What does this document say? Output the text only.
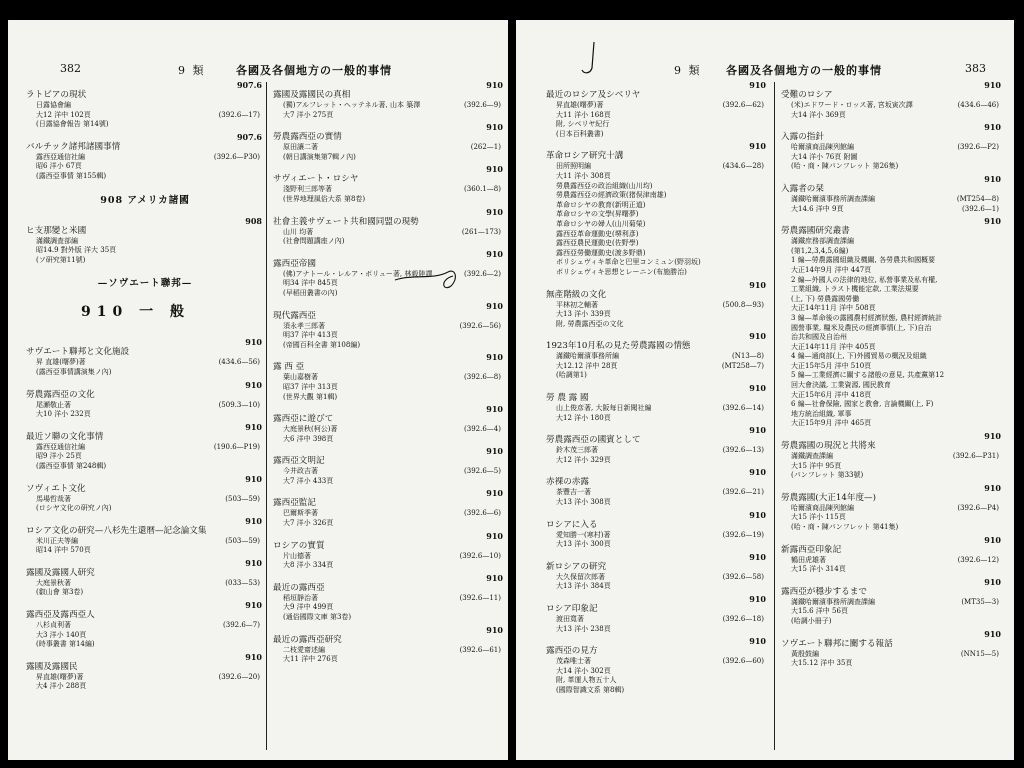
382	9 類	各國及各個地方の一般的事情
907.6
ラトビアの現状
日露協會編
(392.6—17)
大12 洋中 102頁
(日露協會報告 第14號)
907.6
バルチック諸邦諸國事情
(392.6—P30)
露西亞通信社編
昭6 洋小 67頁
(露西亞事情 第155輯)
908 アメリカ諸國
908
ヒ支那變と米國
滿鐵調査部編
昭14.9 對外版 洋大 35頁
(ソ研究第11號)
—ソヴエート聯邦—
910 一 般
910
サヴエート聯邦と文化施設
(434.6—56)
昇 直雄(曙夢)著
(露西亞事情講演集ノ內)
910
勞農露西亞の文化
(509.3—10)
尾瀬敬止著
大10 洋小 232頁
910
最近ソ聯の文化事情
(190.6—P19)
露西亞通信社編
昭9 洋小 25頁
(露西亞事情 第248輯)
910
ソヴィエト文化
(503—59)
馬場哲哉著
(ロシヤ文化の研究ノ內)
910
ロシア文化の研究—八杉先生還暦—記念論文集
(503—59)
米川正夫等編
昭14 洋中 570頁
910
露國及露國人研究
(033—53)
大庭景秋著
(叡山會 第3卷)
910
露西亞及露西亞人
(392.6—7)
八杉貞利著
大3 洋小 140頁
(時事叢書 第14編)
910
露國及露國民
(392.6—20)
昇直雄(曙夢)著
大4 洋小 288頁
910
露國及露國民の真相
(392.6—9)
(獨)アルフレット・ヘッテネル著, 山本 築澤
大7 洋小 275頁
910
勞農露西亞の實情
(262—1)
原田讓二著
(朝日講演集第7輯ノ內)
910
サヴィエート・ロシヤ
(360.1—8)
淺野利三郎等著
(世界地理風俗大系 第8卷)
910
社會主義サヴェート共和國同盟の現勢
(261—173)
山川 均著
(社會問題講座ノ內)
910
露西亞帝國
(392.6—2)
(佛)アナトール・レルア・ボリュー著, 林毅陸譯
明34 洋中 845頁
(早稻田叢書の內)
910
現代露西亞
(392.6—56)
須永孝三郎著
明37 洋中 413頁
(帝國百科全書 第108編)
910
露 西 亞
(392.6—8)
葉山嘉樹著
昭37 洋中 313頁
(世界大觀 第1輯)
910
露西亞に遊びて
(392.6—4)
大庭景秋(柯公)著
大6 洋中 398頁
910
露西亞文明記
(392.6—5)
今井政吉著
大7 洋小 433頁
910
露西亞監記
(392.6—6)
巴爾斯季著
大7 洋小 326頁
910
ロシアの實質
(392.6—10)
片山德著
大8 洋小 334頁
910
最近の露西亞
(392.6—11)
稻垣靜治著
大9 洋中 499頁
(通俗國際文庫 第3卷)
910
最近の露西亞研究
(392.6—61)
二枝愛齋述編
大11 洋中 276頁
9 類 各國及各個地方の一般的事情	383
910
最近のロシア及シベリヤ
(392.6—62)
昇直雄(曙夢)著
大11 洋小 168頁
附, シベリヤ紀行
(日本百科叢書)
910
革命ロシア研究十講
(434.6—28)
田所照明編
大11 洋小 308頁
勞農露西亞の政治組織(山川均)
勞農露西亞の經濟政策(猪俣津南雄)
革命ロシヤの教育(新明正道)
革命ロシヤの文學(昇曙夢)
革命ロシヤの婦人(山川菊榮)
露西亞革命運動史(堺利彥)
露西亞農民運動史(佐野學)
露西亞勞働運動史(渡多野鼎)
ボリシェヴィキ革命と巴里コンミュン(野羽坂)
ボリシェヴィキ思想とレーニン(布施勝治)
910
無產階級の文化
(500.8—93)
平林初之輔著
大13 洋小 339頁
附, 勞農露西亞の文化
910
1923年10月私の見た勞農露國の情態
(N13—8)
滿鐵哈爾濱事務所編
(MT258—7)
大12.12 洋中 28頁
(哈調第1)
910
勞 農 露 國
(392.6—14)
山上俊彦著, 大阪每日新聞社編
大12 洋小 180頁
910
勞農露西亞の國賓として
(392.6—13)
鈴木茂三郎著
大12 洋小 329頁
910
赤裸の赤露
(392.6—21)
茶豐吉一著
大13 洋小 308頁
910
ロシアに入る
(392.6—19)
愛知勝一(寒村)著
大13 洋小 300頁
910
新ロシアの研究
(392.6—58)
大久保留次郎著
大13 洋小 384頁
910
ロシア印象記
(392.6—18)
渡田寬著
大13 洋小 238頁
910
露西亞の見方
(392.6—60)
茂森唯士著
大14 洋小 302頁
附, 革運人物五十人
(國際智識文系 第8輯)
910
受難のロシア
(434.6—46)
(米)エドワード・ロッス著, 宮坂寅次譯
大14 洋小 369頁
910
入露の指針
(392.6—P2)
哈爾濱商品陳列館編
大14 洋小 76頁 附圖
(哈・商・陳パンフレット 第26集)
910
入露者の栞
(MT254—8)
滿鐵哈爾濱事務所調查課編
(392.6—1)
大14.6 洋中 9頁
910
勞農露國研究叢書
滿鐵庶務部調査課編
(第1,2,3,4,5,6編)
1 編—勞農露國組織及機關, 各勞農共和國概要
大正14年9月 洋中 447頁
2 編—外國人の法律的地位, 私營事業及私有權,
工業組織, トラスト機能定款, 工業法規要
(上, 下) 勞農露國勞働
大正14年11月 洋中 508頁
3 編—革命後の露國農村經濟狀態, 農村經濟統計
國營事業, 糧米及農民の經濟事情(上, 下)自治
治共和國及自治州
大正14年11月 洋中 405頁
4 編—通商部(上, 下)外國貿易の概況及組織
大正15年5月 洋中 510頁
5 編—工業經濟に關する諸般の意見, 共產黨第12
回大會決議, 工業資源, 國民教育
大正15年6月 洋中 418頁
6 編—社會保險, 國家と教會, 言論機關(上, F)
地方統治組織, 軍事
大正15年9月 洋中 465頁
910
勞農露國の現況と共將來
(392.6—P31)
滿鐵調查課編
大15 洋中 95頁
(パンフレット 第33號)
910
勞農露國(大正14年度—)
(392.6—P4)
哈爾濱商品陳列館編
大15 洋小 115頁
(哈・商・陳パンフレット 第41集)
910
新露西亞印象記
(392.6—12)
鶴田虎雄著
大15 洋小 314頁
910
露西亞が穩步するまで
(MT35—3)
滿鐵哈爾濱事務所調查課編
大15.6 洋中 56頁
(哈調小冊子)
910
ソヴエート聯邦に關する報話
(NN15—5)
黃殷鼓編
大15.12 洋中 35頁
